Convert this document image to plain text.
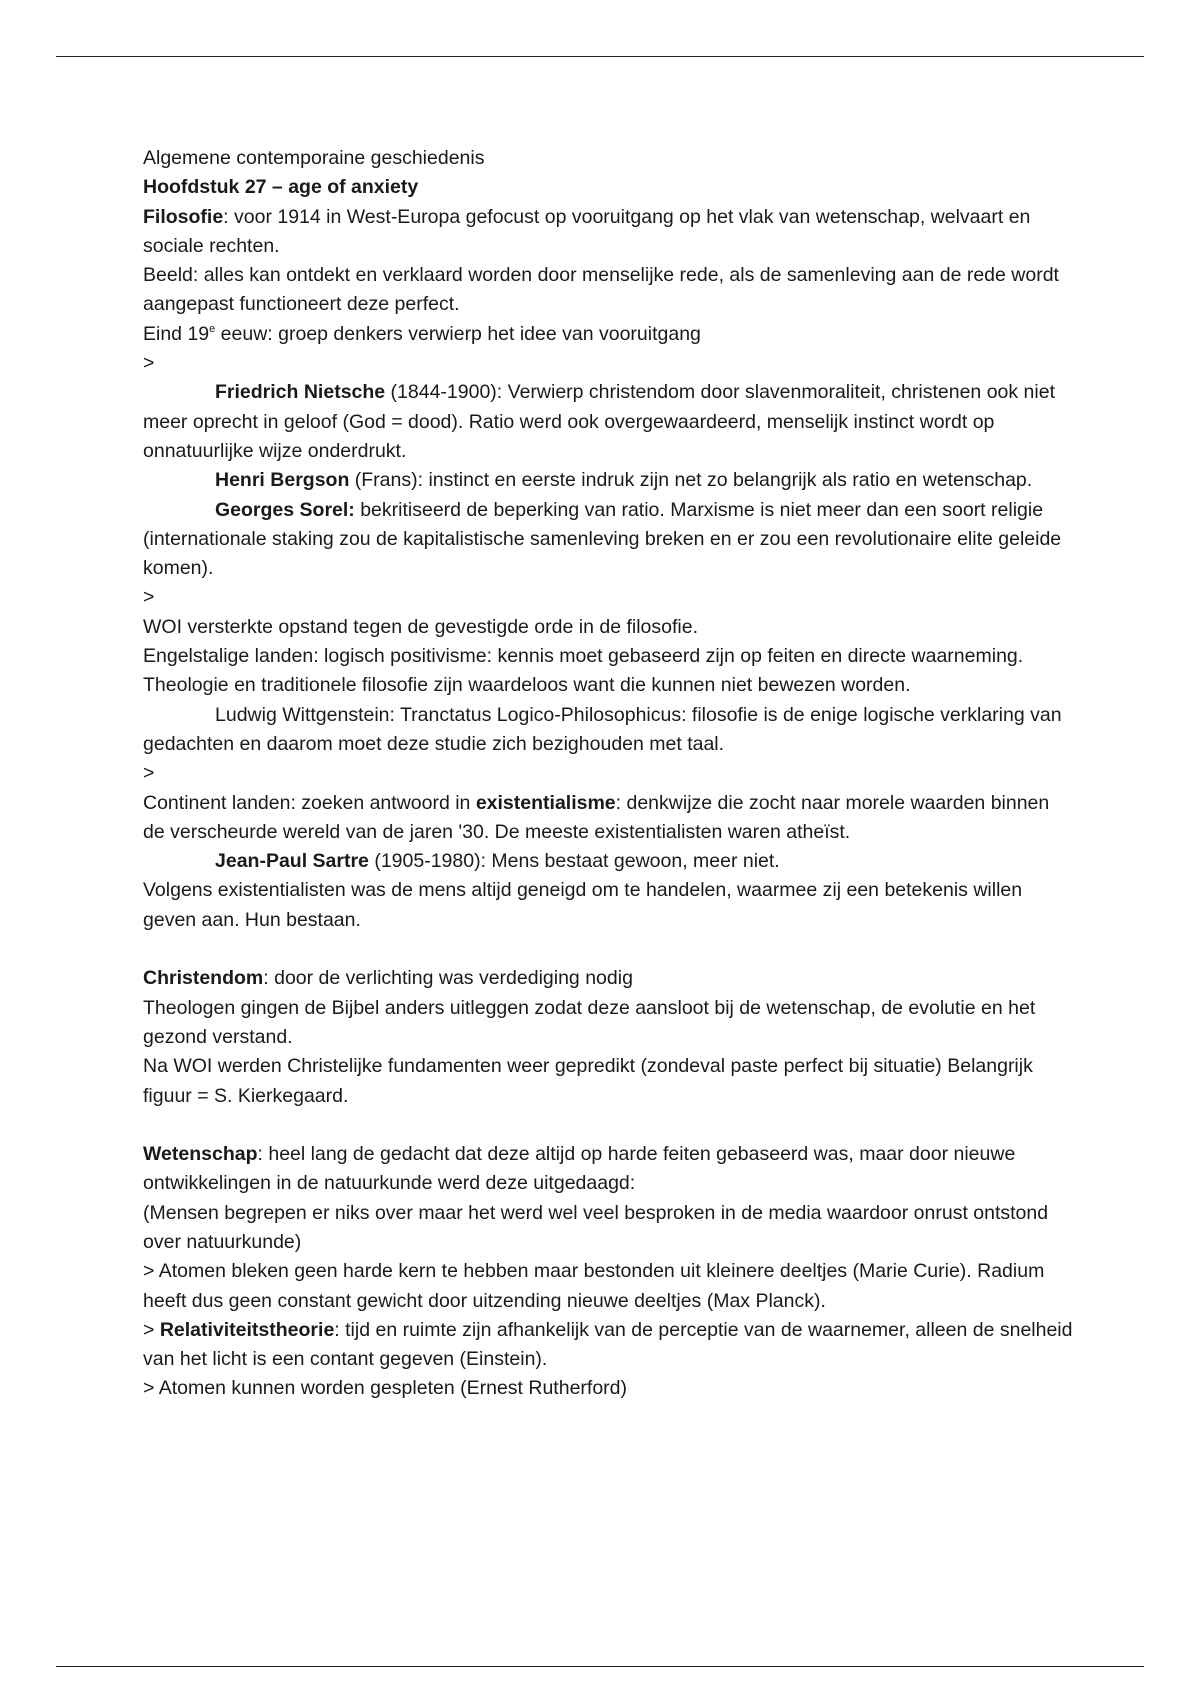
Algemene contemporaine geschiedenis

Hoofdstuk 27 – age of anxiety

Filosofie: voor 1914 in West-Europa gefocust op vooruitgang op het vlak van wetenschap, welvaart en sociale rechten.

Beeld: alles kan ontdekt en verklaard worden door menselijke rede, als de samenleving aan de rede wordt aangepast functioneert deze perfect.

Eind 19e eeuw: groep denkers verwierp het idee van vooruitgang

>

Friedrich Nietsche (1844-1900): Verwierp christendom door slavenmoraliteit, christenen ook niet meer oprecht in geloof (God = dood). Ratio werd ook overgewaardeerd, menselijk instinct wordt op onnatuurlijke wijze onderdrukt.

Henri Bergson (Frans): instinct en eerste indruk zijn net zo belangrijk als ratio en wetenschap.

Georges Sorel: bekritiseerd de beperking van ratio. Marxisme is niet meer dan een soort religie (internationale staking zou de kapitalistische samenleving breken en er zou een revolutionaire elite geleide komen).

>

WOI versterkte opstand tegen de gevestigde orde in de filosofie.

Engelstalige landen: logisch positivisme: kennis moet gebaseerd zijn op feiten en directe waarneming. Theologie en traditionele filosofie zijn waardeloos want die kunnen niet bewezen worden.

Ludwig Wittgenstein: Tranctatus Logico-Philosophicus: filosofie is de enige logische verklaring van gedachten en daarom moet deze studie zich bezighouden met taal.

>

Continent landen: zoeken antwoord in existentialisme: denkwijze die zocht naar morele waarden binnen de verscheurde wereld van de jaren '30. De meeste existentialisten waren atheïst.

Jean-Paul Sartre (1905-1980): Mens bestaat gewoon, meer niet.

Volgens existentialisten was de mens altijd geneigd om te handelen, waarmee zij een betekenis willen geven aan. Hun bestaan.

Christendom: door de verlichting was verdediging nodig

Theologen gingen de Bijbel anders uitleggen zodat deze aansloot bij de wetenschap, de evolutie en het gezond verstand.

Na WOI werden Christelijke fundamenten weer gepredikt (zondeval paste perfect bij situatie) Belangrijk figuur = S. Kierkegaard.

Wetenschap: heel lang de gedacht dat deze altijd op harde feiten gebaseerd was, maar door nieuwe ontwikkelingen in de natuurkunde werd deze uitgedaagd:

(Mensen begrepen er niks over maar het werd wel veel besproken in de media waardoor onrust ontstond over natuurkunde)

> Atomen bleken geen harde kern te hebben maar bestonden uit kleinere deeltjes (Marie Curie). Radium heeft dus geen constant gewicht door uitzending nieuwe deeltjes (Max Planck).

> Relativiteitstheorie: tijd en ruimte zijn afhankelijk van de perceptie van de waarnemer, alleen de snelheid van het licht is een contant gegeven (Einstein).

> Atomen kunnen worden gespleten (Ernest Rutherford)
